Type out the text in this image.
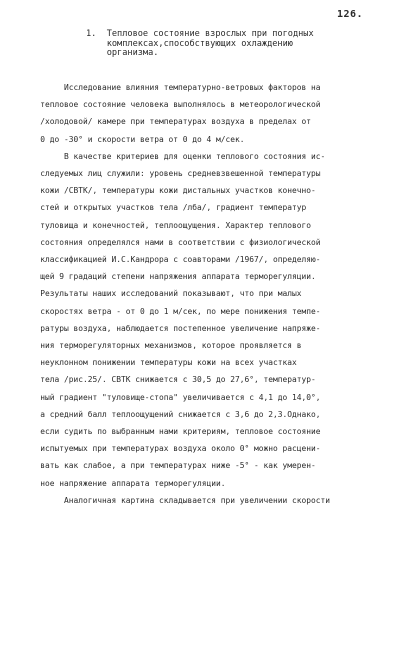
126.
1.  Тепловое состояние взрослых при погодных
комплексах,способствующих охлаждению
организма.
Исследование влияния температурно-ветровых факторов на
тепловое состояние человека выполнялось в метеорологической
/холодовой/ камере при температурах воздуха в пределах от
0 до -30° и скорости ветра от 0 до 4 м/сек.
В качестве критериев для оценки теплового состояния ис-
следуемых лиц служили: уровень средневзвешенной температуры
кожи /СВТК/, температуры кожи дистальных участков конечно-
стей и открытых участков тела /лба/, градиент температур
туловища и конечностей, теплоощущения. Характер теплового
состояния определялся нами в соответствии с физиологической
классификацией И.С.Кандрора с соавторами /1967/, определяю-
щей 9 градаций степени напряжения аппарата терморегуляции.
Результаты наших исследований показывают, что при малых
скоростях ветра - от 0 до 1 м/сек, по мере понижения темпе-
ратуры воздуха, наблюдается постепенное увеличение напряже-
ния терморегуляторных механизмов, которое проявляется в
неуклонном понижении температуры кожи на всех участках
тела /рис.25/. СВТК снижается с 30,5 до 27,6°, температур-
ный градиент "туловище-стопа" увеличивается с 4,1 до 14,0°,
а средний балл теплоощущений снижается с 3,6 до 2,3.Однако,
если судить по выбранным нами критериям, тепловое состояние
испытуемых при температурах воздуха около 0° можно расцени-
вать как слабое, а при температурах ниже -5° - как умерен-
ное напряжение аппарата терморегуляции.
Аналогичная картина складывается при увеличении скорости
